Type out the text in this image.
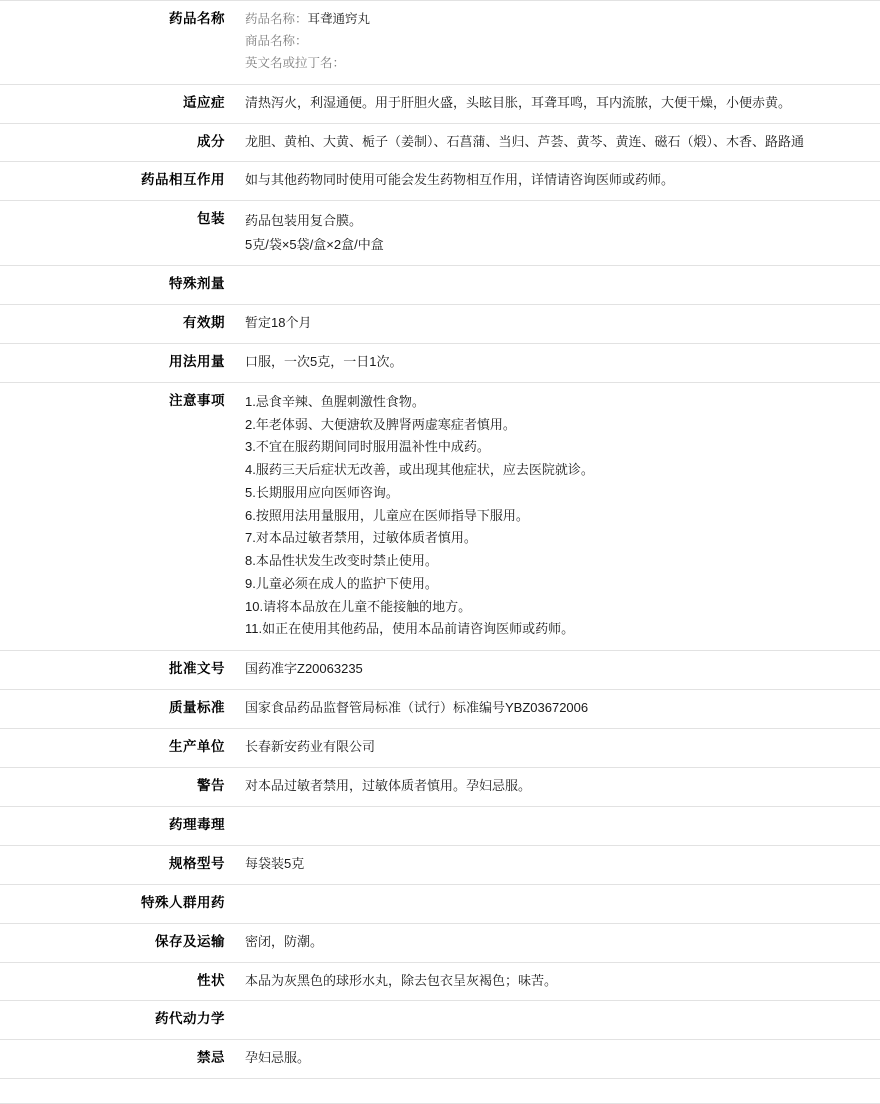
药品名称	药品名称：耳聋通窍丸
商品名称：
英文名或拉丁名：

适应症	清热泻火，利湿通便。用于肝胆火盛，头眩目胀，耳聋耳鸣，耳内流脓，大便干燥，小便赤黄。
成分	龙胆、黄柏、大黄、栀子（姜制）、石菖蒲、当归、芦荟、黄芩、黄连、磁石（煅）、木香、路路通
药品相互作用	如与其他药物同时使用可能会发生药物相互作用，详情请咨询医师或药师。
包装	药品包装用复合膜。
5克/袋×5袋/盒×2盒/中盒

特殊剂量	
有效期	暂定18个月
用法用量	口服，一次5克，一日1次。
注意事项	1.忌食辛辣、鱼腥刺激性食物。
2.年老体弱、大便溏软及脾肾两虚寒症者慎用。
3.不宜在服药期间同时服用温补性中成药。
4.服药三天后症状无改善，或出现其他症状，应去医院就诊。
5.长期服用应向医师咨询。
6.按照用法用量服用，儿童应在医师指导下服用。
7.对本品过敏者禁用，过敏体质者慎用。
8.本品性状发生改变时禁止使用。
9.儿童必须在成人的监护下使用。
10.请将本品放在儿童不能接触的地方。
11.如正在使用其他药品，使用本品前请咨询医师或药师。

批准文号	国药准字Z20063235
质量标准	国家食品药品监督管局标准（试行）标准编号YBZ03672006
生产单位	长春新安药业有限公司
警告	对本品过敏者禁用，过敏体质者慎用。孕妇忌服。
药理毒理	
规格型号	每袋装5克
特殊人群用药	
保存及运输	密闭，防潮。
性状	本品为灰黑色的球形水丸，除去包衣呈灰褐色；味苦。
药代动力学	
禁忌	孕妇忌服。
